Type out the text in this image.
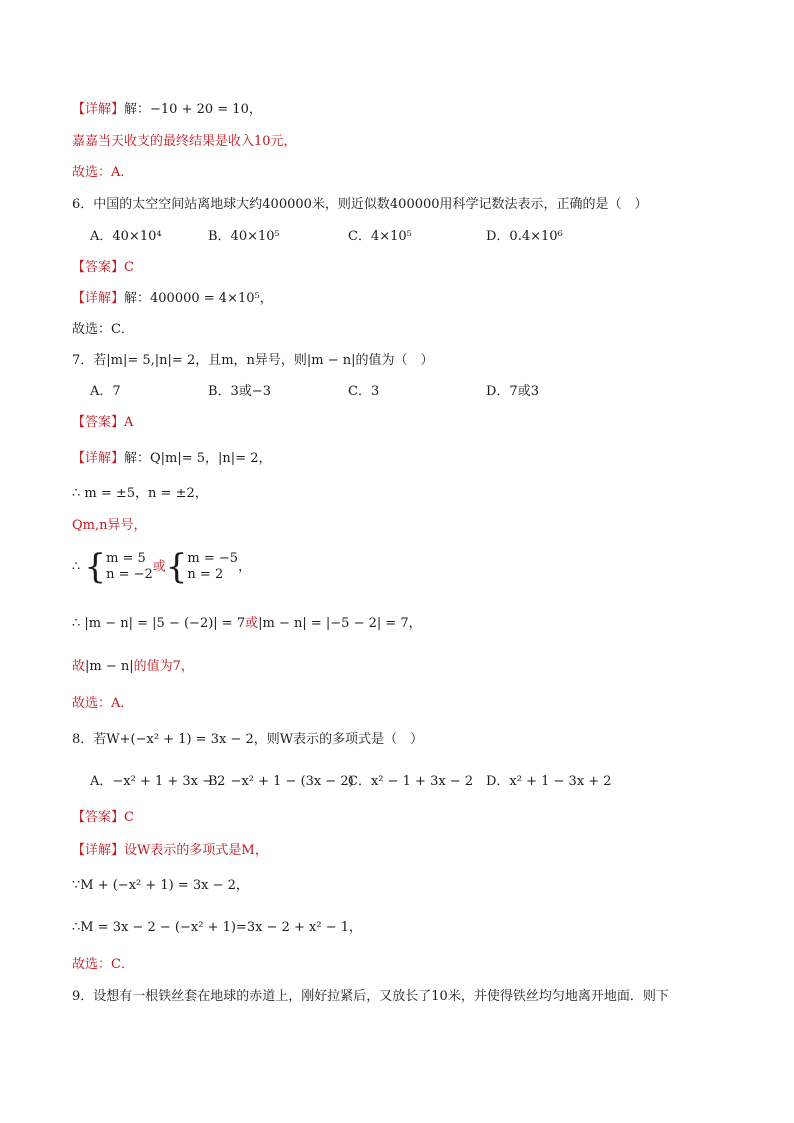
【详解】解：−10 + 20 = 10，
嘉嘉当天收支的最终结果是收入10元，
故选：A．
6．中国的太空空间站离地球大约400000米，则近似数400000用科学记数法表示，正确的是（　）
A．40×10⁴	B．40×10⁵	C．4×10⁵	D．0.4×10⁶
【答案】C
【详解】解：400000 = 4×10⁵，
故选：C．
7．若|m|= 5,|n|= 2，且m，n异号，则|m − n|的值为（　）
A．7	B．3或−3	C．3	D．7或3
【答案】A
【详解】解：Q|m|= 5，|n|= 2，
∴ m = ±5，n = ±2，
Qm,n异号，
∴ {m = 5
n = −2或{m = −5
n = 2 ，
∴ |m − n| = |5 − (−2)| = 7或|m − n| = |−5 − 2| = 7，
故|m − n|的值为7，
故选：A．
8．若W+(−x² + 1) = 3x − 2，则W表示的多项式是（　）
A．−x² + 1 + 3x − 2
B．−x² + 1 − (3x − 2)
C．x² − 1 + 3x − 2 D．x² + 1 − 3x + 2
【答案】C
【详解】设W表示的多项式是M，
∵M + (−x² + 1) = 3x − 2，
∴M = 3x − 2 − (−x² + 1)=3x − 2 + x² − 1，
故选：C．
9．设想有一根铁丝套在地球的赤道上，刚好拉紧后，又放长了10米，并使得铁丝均匀地离开地面．则下
